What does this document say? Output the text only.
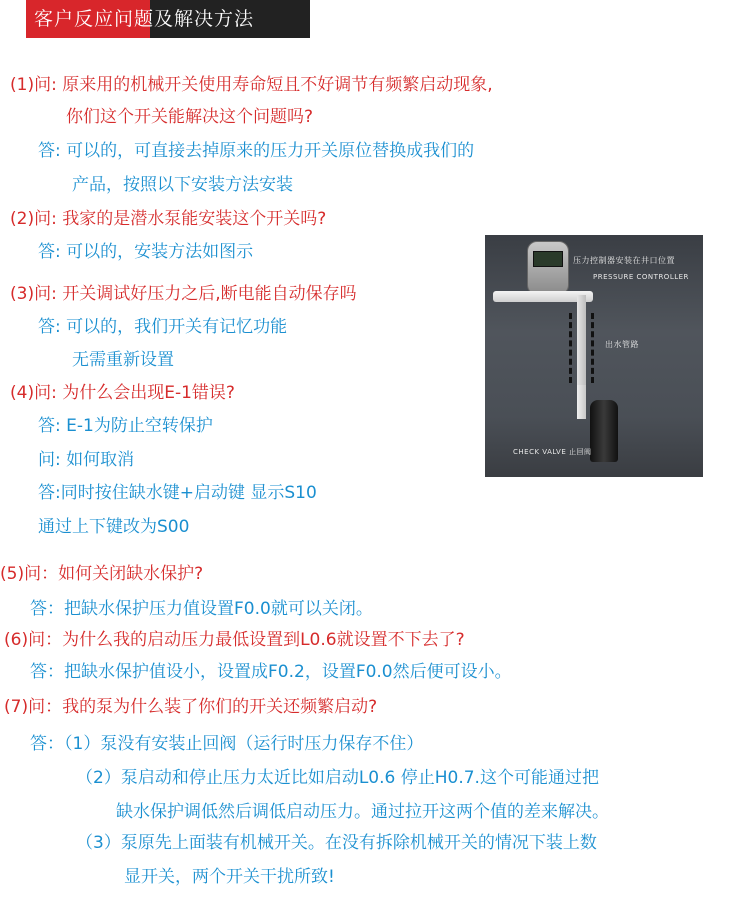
客户反应问题及解决方法
(1)问: 原来用的机械开关使用寿命短且不好调节有频繁启动现象,
你们这个开关能解决这个问题吗?
答: 可以的，可直接去掉原来的压力开关原位替换成我们的
产品，按照以下安装方法安装
(2)问: 我家的是潜水泵能安装这个开关吗?
答: 可以的，安装方法如图示
(3)问: 开关调试好压力之后,断电能自动保存吗
答: 可以的，我们开关有记忆功能
无需重新设置
(4)问: 为什么会出现E-1错误?
答: E-1为防止空转保护
问: 如何取消
答:同时按住缺水键+启动键 显示S10
通过上下键改为S00
(5)问：如何关闭缺水保护?
答：把缺水保护压力值设置F0.0就可以关闭。
(6)问：为什么我的启动压力最低设置到L0.6就设置不下去了?
答：把缺水保护值设小，设置成F0.2，设置F0.0然后便可设小。
(7)问：我的泵为什么装了你们的开关还频繁启动?
答：（1）泵没有安装止回阀（运行时压力保存不住）
（2）泵启动和停止压力太近比如启动L0.6 停止H0.7.这个可能通过把
缺水保护调低然后调低启动压力。通过拉开这两个值的差来解决。
（3）泵原先上面装有机械开关。在没有拆除机械开关的情况下装上数
显开关，两个开关干扰所致!
压力控制器安装在井口位置
PRESSURE CONTROLLER
出水管路
CHECK VALVE 止回阀
